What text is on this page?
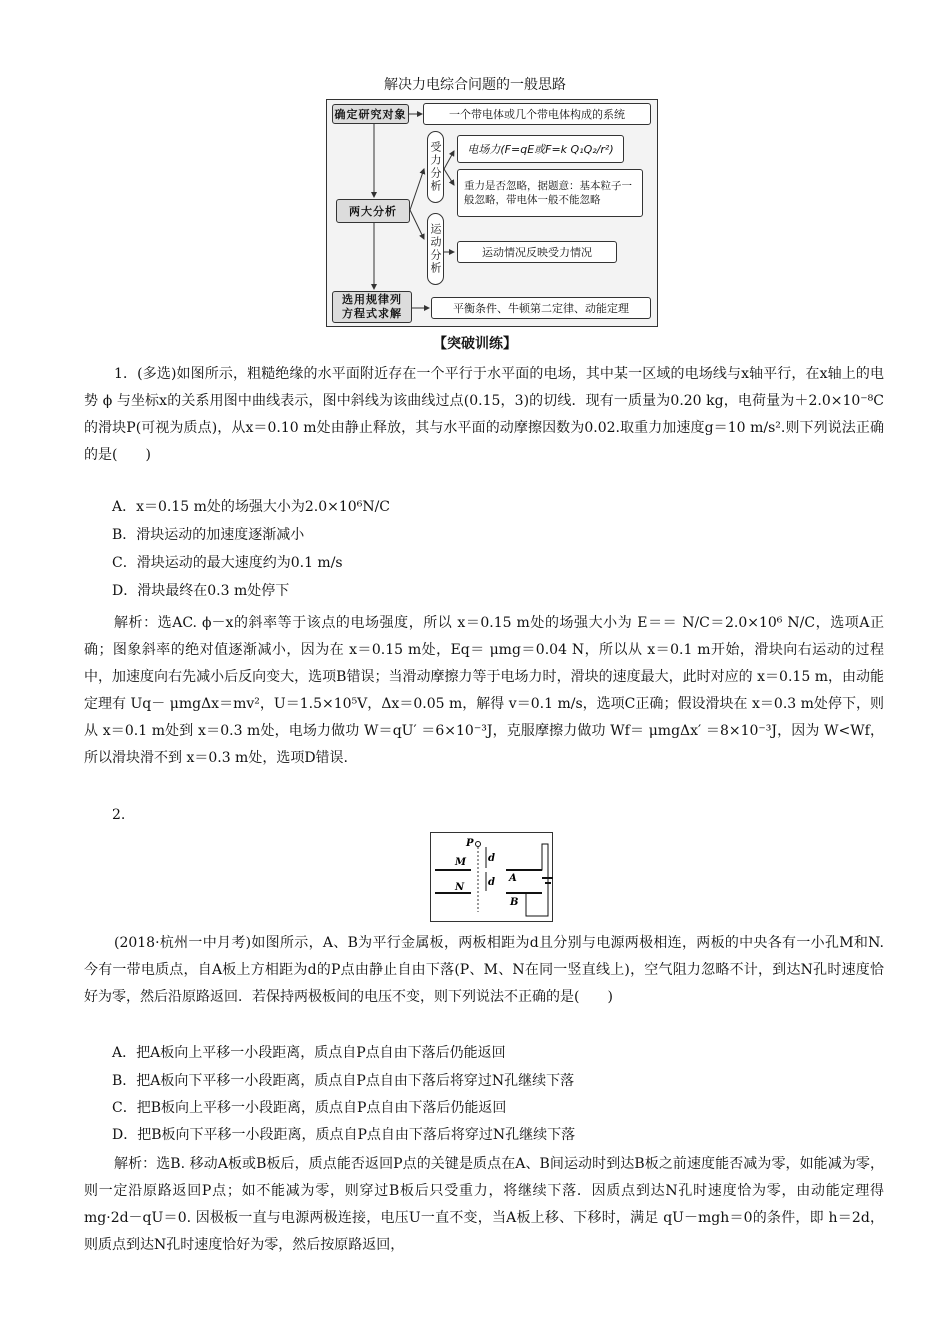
解决力电综合问题的一般思路
确定研究对象	一个带电体或几个带电体构成的系统
两大分析
受力分析	电场力(F=qE或F=k Q₁Q₂/r²)
重力是否忽略，据题意：基本粒子一般忽略，带电体一般不能忽略
运动分析	运动情况反映受力情况
选用规律列方程式求解	平衡条件、牛顿第二定律、动能定理
【突破训练】
1．(多选)如图所示，粗糙绝缘的水平面附近存在一个平行于水平面的电场，其中某一区域的电场线与x轴平行，在x轴上的电势 ϕ 与坐标x的关系用图中曲线表示，图中斜线为该曲线过点(0.15，3)的切线．现有一质量为0.20 kg，电荷量为＋2.0×10⁻⁸C的滑块P(可视为质点)，从x＝0.10 m处由静止释放，其与水平面的动摩擦因数为0.02.取重力加速度g＝10 m/s².则下列说法正确的是(　　)
A．x＝0.15 m处的场强大小为2.0×10⁶N/C
B．滑块运动的加速度逐渐减小
C．滑块运动的最大速度约为0.1 m/s
D．滑块最终在0.3 m处停下
解析：选AC. ϕ－x的斜率等于该点的电场强度，所以 x＝0.15 m处的场强大小为 E＝＝ N/C＝2.0×10⁶ N/C，选项A正确；图象斜率的绝对值逐渐减小，因为在 x＝0.15 m处，Eq＝ μmg＝0.04 N，所以从 x＝0.1 m开始，滑块向右运动的过程中，加速度向右先减小后反向变大，选项B错误；当滑动摩擦力等于电场力时，滑块的速度最大，此时对应的 x＝0.15 m，由动能定理有 Uq－ μmgΔx＝mv²，U＝1.5×10⁵V，Δx＝0.05 m，解得 v＝0.1 m/s，选项C正确；假设滑块在 x＝0.3 m处停下，则从 x＝0.1 m处到 x＝0.3 m处，电场力做功 W＝qU′ ＝6×10⁻³J，克服摩擦力做功 Wf＝ μmgΔx′ ＝8×10⁻³J，因为 W<Wf，所以滑块滑不到 x＝0.3 m处，选项D错误.
2.
P
M
N
d
d A
B
(2018·杭州一中月考)如图所示，A、B为平行金属板，两板相距为d且分别与电源两极相连，两板的中央各有一小孔M和N. 今有一带电质点，自A板上方相距为d的P点由静止自由下落(P、M、N在同一竖直线上)，空气阻力忽略不计，到达N孔时速度恰好为零，然后沿原路返回．若保持两极板间的电压不变，则下列说法不正确的是(　　)
A．把A板向上平移一小段距离，质点自P点自由下落后仍能返回
B．把A板向下平移一小段距离，质点自P点自由下落后将穿过N孔继续下落
C．把B板向上平移一小段距离，质点自P点自由下落后仍能返回
D．把B板向下平移一小段距离，质点自P点自由下落后将穿过N孔继续下落
解析：选B. 移动A板或B板后，质点能否返回P点的关键是质点在A、B间运动时到达B板之前速度能否减为零，如能减为零，则一定沿原路返回P点；如不能减为零，则穿过B板后只受重力，将继续下落．因质点到达N孔时速度恰为零，由动能定理得 mg·2d－qU＝0. 因极板一直与电源两极连接，电压U一直不变，当A板上移、下移时，满足 qU－mgh＝0的条件，即 h＝2d，则质点到达N孔时速度恰好为零，然后按原路返回，
